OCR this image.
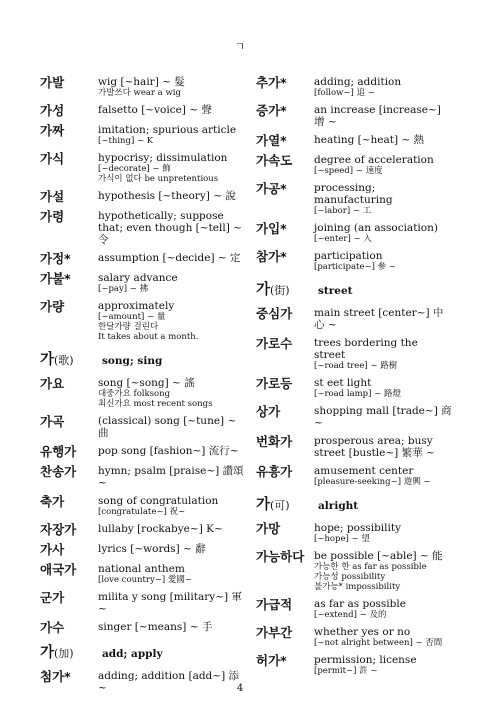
ㄱ
가발	wig [~hair] ~ 髮
가발쓰다 wear a wig
가성	falsetto [~voice] ~ 聲
가짜	imitation; spurious article
[~thing] ~ K
가식	hypocrisy; dissimulation
[~decorate] ~ 飾
가식이 없다 be unpretentious
가설	hypothesis [~theory] ~ 說
가령	hypothetically; suppose
that; even though [~tell] ~ 令
가정*	assumption [~decide] ~ 定
가불*	salary advance
[~pay] ~ 拂
가량	approximately
[~amount] ~ 量
한달가량 걸린다
It takes about a month.
가(歌)	song; sing
가요	song [~song] ~ 謠
대중가요 folksong
최신가요 most recent songs
가곡	(classical) song [~tune] ~ 曲
유행가	pop song [fashion~] 流行~
찬송가	hymn; psalm [praise~] 讚頌~
축가	song of congratulation
[congratulate~] 祝~
자장가	lullaby [rockabye~] K~
가사	lyrics [~words] ~ 辭
애국가	national anthem
[love country~] 愛國~
군가	milita y song [military~] 軍~
가수	singer [~means] ~ 手
가(加)	add; apply
첨가*	adding; addition [add~] 添 ~
추가*	adding; addition
[follow~] 追 ~
증가*	an increase [increase~] 增 ~
가열*	heating [~heat] ~ 熱
가속도	degree of acceleration
[~speed] ~ 速度
가공*	processing; manufacturing
[~labor] ~ 工
가입*	joining (an association)
[~enter] ~ 入
참가*	participation
[participate~] 參 ~
가(街)	street
중심가	main street [center~] 中心 ~
가로수	trees bordering the street
[~road tree] ~ 路樹
가로등	st eet light
[~road lamp] ~ 路燈
상가	shopping mall [trade~] 商 ~
번화가	prosperous area; busy
street [bustle~] 繁華 ~
유흥가	amusement center
[pleasure-seeking~] 遊興 ~
가(可)	alright
가망	hope; possibility
[~hope] ~ 望
가능하다 be possible [~able] ~ 能
가능한 한 as far as possible
가능성 possibility
불가능* impossibility
가급적	as far as possible
[~extend] ~ 及的
가부간	whether yes or no
[~not alright between] ~ 否間
허가*	permission; license
[permit~] 許 ~
4
